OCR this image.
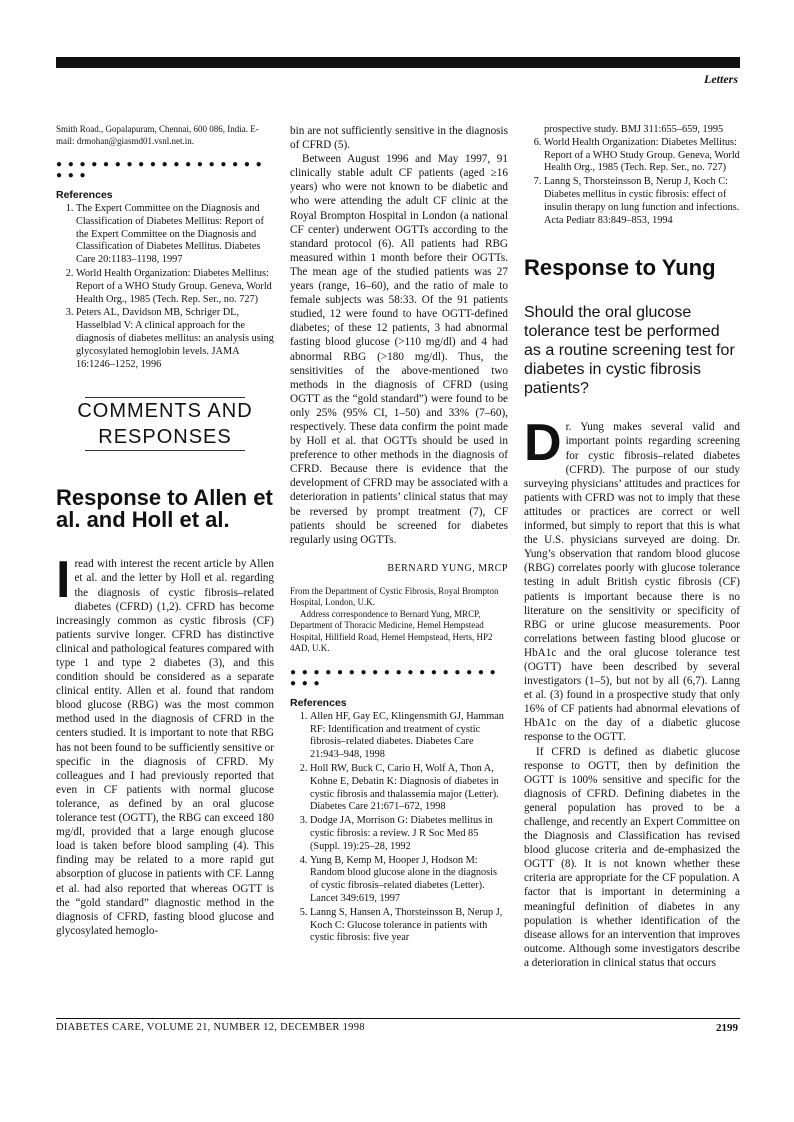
Letters
Smith Road., Gopalapuram, Chennai, 600 086, India. E-mail: drmohan@giasmd01.vsnl.net.in.
● ● ● ● ● ● ● ● ● ● ● ● ● ● ● ● ● ● ● ● ●
References
1. The Expert Committee on the Diagnosis and Classification of Diabetes Mellitus: Report of the Expert Committee on the Diagnosis and Classification of Diabetes Mellitus. Diabetes Care 20:1183–1198, 1997
2. World Health Organization: Diabetes Mellitus: Report of a WHO Study Group. Geneva, World Health Org., 1985 (Tech. Rep. Ser., no. 727)
3. Peters AL, Davidson MB, Schriger DL, Hasselblad V: A clinical approach for the diagnosis of diabetes mellitus: an analysis using glycosylated hemoglobin levels. JAMA 16:1246–1252, 1996
COMMENTS AND
RESPONSES
Response to Allen et al. and Holl et al.

Iread with interest the recent article by Allen et al. and the letter by Holl et al. regarding the diagnosis of cystic fibrosis–related diabetes (CFRD) (1,2). CFRD has become increasingly common as cystic fibrosis (CF) patients survive longer. CFRD has distinctive clinical and pathological features compared with type 1 and type 2 diabetes (3), and this condition should be considered as a separate clinical entity. Allen et al. found that random blood glucose (RBG) was the most common method used in the diagnosis of CFRD in the centers studied. It is important to note that RBG has not been found to be sufficiently sensitive or specific in the diagnosis of CFRD. My colleagues and I had previously reported that even in CF patients with normal glucose tolerance, as defined by an oral glucose tolerance test (OGTT), the RBG can exceed 180 mg/dl, provided that a large enough glucose load is taken before blood sampling (4). This finding may be related to a more rapid gut absorption of glucose in patients with CF. Lanng et al. had also reported that whereas OGTT is the “gold standard” diagnostic method in the diagnosis of CFRD, fasting blood glucose and glycosylated hemoglo-

bin are not sufficiently sensitive in the diagnosis of CFRD (5).

Between August 1996 and May 1997, 91 clinically stable adult CF patients (aged ≥16 years) who were not known to be diabetic and who were attending the adult CF clinic at the Royal Brompton Hospital in London (a national CF center) underwent OGTTs according to the standard protocol (6). All patients had RBG measured within 1 month before their OGTTs. The mean age of the studied patients was 27 years (range, 16–60), and the ratio of male to female subjects was 58:33. Of the 91 patients studied, 12 were found to have OGTT-defined diabetes; of these 12 patients, 3 had abnormal fasting blood glucose (>110 mg/dl) and 4 had abnormal RBG (>180 mg/dl). Thus, the sensitivities of the above-mentioned two methods in the diagnosis of CFRD (using OGTT as the “gold standard”) were found to be only 25% (95% CI, 1–50) and 33% (7–60), respectively. These data confirm the point made by Holl et al. that OGTTs should be used in preference to other methods in the diagnosis of CFRD. Because there is evidence that the development of CFRD may be associated with a deterioration in patients’ clinical status that may be reversed by prompt treatment (7), CF patients should be screened for diabetes regularly using OGTTs.

BERNARD YUNG, MRCP

From the Department of Cystic Fibrosis, Royal Brompton Hospital, London, U.K.

Address correspondence to Bernard Yung, MRCP, Department of Thoracic Medicine, Hemel Hempstead Hospital, Hillfield Road, Hemel Hempstead, Herts, HP2 4AD, U.K.

● ● ● ● ● ● ● ● ● ● ● ● ● ● ● ● ● ● ● ● ●
References
1. Allen HF, Gay EC, Klingensmith GJ, Hamman RF: Identification and treatment of cystic fibrosis–related diabetes. Diabetes Care 21:943–948, 1998
2. Holl RW, Buck C, Cario H, Wolf A, Thon A, Kohne E, Debatin K: Diagnosis of diabetes in cystic fibrosis and thalassemia major (Letter). Diabetes Care 21:671–672, 1998
3. Dodge JA, Morrison G: Diabetes mellitus in cystic fibrosis: a review. J R Soc Med 85 (Suppl. 19):25–28, 1992
4. Yung B, Kemp M, Hooper J, Hodson M: Random blood glucose alone in the diagnosis of cystic fibrosis–related diabetes (Letter). Lancet 349:619, 1997
5. Lanng S, Hansen A, Thorsteinsson B, Nerup J, Koch C: Glucose tolerance in patients with cystic fibrosis: five year
prospective study. BMJ 311:655–659, 1995
6. World Health Organization: Diabetes Mellitus: Report of a WHO Study Group. Geneva, World Health Org., 1985 (Tech. Rep. Ser., no. 727)
7. Lanng S, Thorsteinsson B, Nerup J, Koch C: Diabetes mellitus in cystic fibrosis: effect of insulin therapy on lung function and infections. Acta Pediatr 83:849–853, 1994
Response to Yung
Should the oral glucose tolerance test be performed as a routine screening test for diabetes in cystic fibrosis patients?

Dr. Yung makes several valid and important points regarding screening for cystic fibrosis–related diabetes (CFRD). The purpose of our study surveying physicians’ attitudes and practices for patients with CFRD was not to imply that these attitudes or practices are correct or well informed, but simply to report that this is what the U.S. physicians surveyed are doing. Dr. Yung’s observation that random blood glucose (RBG) correlates poorly with glucose tolerance testing in adult British cystic fibrosis (CF) patients is important because there is no literature on the sensitivity or specificity of RBG or urine glucose measurements. Poor correlations between fasting blood glucose or HbA1c and the oral glucose tolerance test (OGTT) have been described by several investigators (1–5), but not by all (6,7). Lanng et al. (3) found in a prospective study that only 16% of CF patients had abnormal elevations of HbA1c on the day of a diabetic glucose response to the OGTT.

If CFRD is defined as diabetic glucose response to OGTT, then by definition the OGTT is 100% sensitive and specific for the diagnosis of CFRD. Defining diabetes in the general population has proved to be a challenge, and recently an Expert Committee on the Diagnosis and Classification has revised blood glucose criteria and de-emphasized the OGTT (8). It is not known whether these criteria are appropriate for the CF population. A factor that is important in determining a meaningful definition of diabetes in any population is whether identification of the disease allows for an intervention that improves outcome. Although some investigators describe a deterioration in clinical status that occurs

DIABETES CARE, VOLUME 21, NUMBER 12, DECEMBER 1998	2199
